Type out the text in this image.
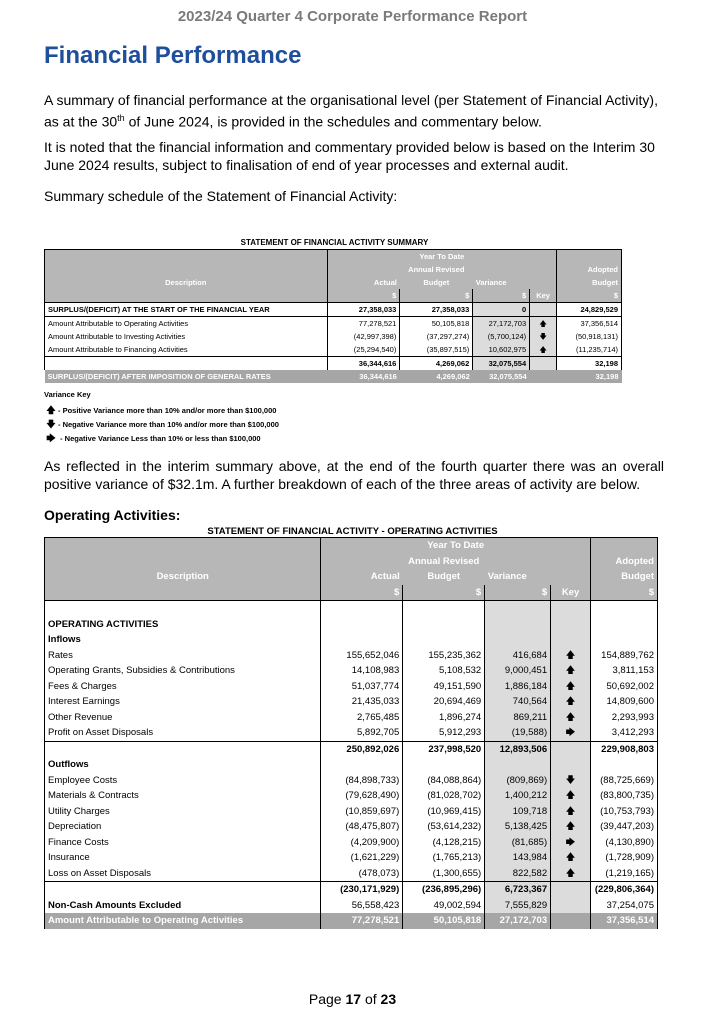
2023/24 Quarter 4 Corporate Performance Report
Financial Performance

A summary of financial performance at the organisational level (per Statement of Financial Activity), as at the 30th of June 2024, is provided in the schedules and commentary below.

It is noted that the financial information and commentary provided below is based on the Interim 30 June 2024 results, subject to finalisation of end of year processes and external audit.

Summary schedule of the Statement of Financial Activity:

STATEMENT OF FINANCIAL ACTIVITY SUMMARY
	Year To Date				
		Annual Revised			Adopted
Description	Actual	Budget	Variance		Budget
	$	$	$	Key	$
SURPLUS/(DEFICIT) AT THE START OF THE FINANCIAL YEAR	27,358,033	27,358,033	0		24,829,529
Amount Attributable to Operating Activities	77,278,521	50,105,818	27,172,703	🡅	37,356,514
Amount Attributable to Investing Activities	(42,997,398)	(37,297,274)	(5,700,124)	🡇	(50,918,131)
Amount Attributable to Financing Activities	(25,294,540)	(35,897,515)	10,602,975	🡅	(11,235,714)
	36,344,616	4,269,062	32,075,554		32,198
SURPLUS/(DEFICIT) AFTER IMPOSITION OF GENERAL RATES	36,344,616	4,269,062	32,075,554		32,198
Variance Key
🡅 - Positive Variance more than 10% and/or more than $100,000
🡇 - Negative Variance more than 10% and/or more than $100,000
🡆 - Negative Variance Less than 10% or less than $100,000

As reflected in the interim summary above, at the end of the fourth quarter there was an overall positive variance of $32.1m. A further breakdown of each of the three areas of activity are below.

Operating Activities:
STATEMENT OF FINANCIAL ACTIVITY - OPERATING ACTIVITIES
	Year To Date				
		Annual Revised			Adopted
Description	Actual	Budget	Variance		Budget
	$	$	$	Key	$

OPERATING ACTIVITIES					
Inflows					
Rates	155,652,046	155,235,362	416,684	🡅	154,889,762
Operating Grants, Subsidies & Contributions	14,108,983	5,108,532	9,000,451	🡅	3,811,153
Fees & Charges	51,037,774	49,151,590	1,886,184	🡅	50,692,002
Interest Earnings	21,435,033	20,694,469	740,564	🡅	14,809,600
Other Revenue	2,765,485	1,896,274	869,211	🡅	2,293,993
Profit on Asset Disposals	5,892,705	5,912,293	(19,588)	🡆	3,412,293
	250,892,026	237,998,520	12,893,506		229,908,803
Outflows					
Employee Costs	(84,898,733)	(84,088,864)	(809,869)	🡇	(88,725,669)
Materials & Contracts	(79,628,490)	(81,028,702)	1,400,212	🡅	(83,800,735)
Utility Charges	(10,859,697)	(10,969,415)	109,718	🡅	(10,753,793)
Depreciation	(48,475,807)	(53,614,232)	5,138,425	🡅	(39,447,203)
Finance Costs	(4,209,900)	(4,128,215)	(81,685)	🡆	(4,130,890)
Insurance	(1,621,229)	(1,765,213)	143,984	🡅	(1,728,909)
Loss on Asset Disposals	(478,073)	(1,300,655)	822,582	🡅	(1,219,165)
	(230,171,929)	(236,895,296)	6,723,367		(229,806,364)
Non-Cash Amounts Excluded	56,558,423	49,002,594	7,555,829		37,254,075
Amount Attributable to Operating Activities	77,278,521	50,105,818	27,172,703		37,356,514
Page 17 of 23
